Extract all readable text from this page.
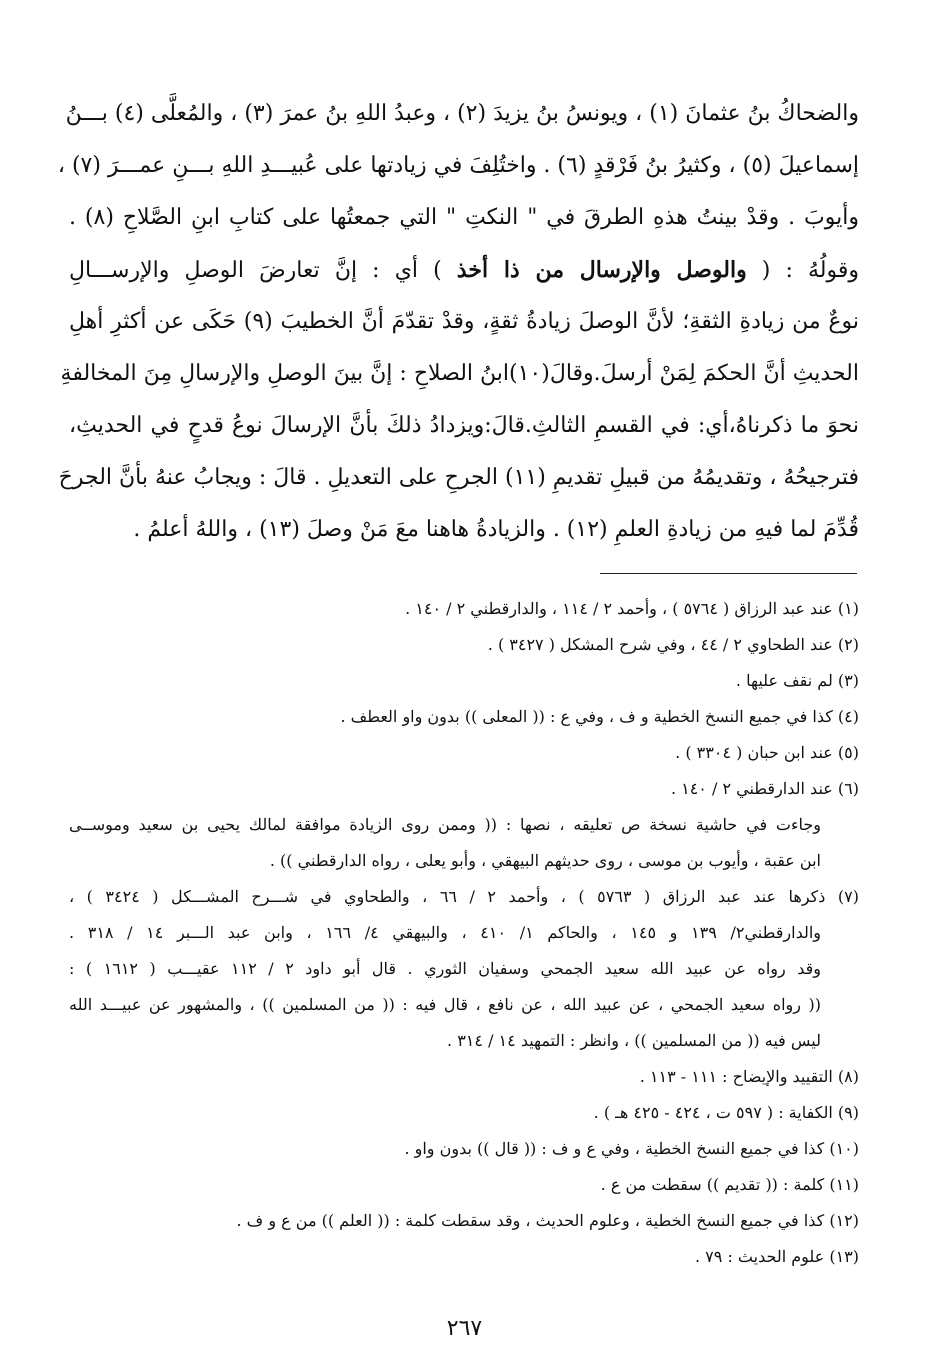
والضحاكُ بنُ عثمانَ (١) ، ويونسُ بنُ يزيدَ (٢) ، وعبدُ اللهِ بنُ عمرَ (٣) ، والمُعلَّى (٤) بـــنُ
إسماعيلَ (٥) ، وكثيرُ بنُ فَرْقدٍ (٦) . واختُلِفَ في زيادتها على عُبيـــدِ اللهِ بـــنِ عمـــرَ (٧) ،
وأيوبَ . وقدْ بينتُ هذهِ الطرقَ في " النكتِ " التي جمعتُها على كتابِ ابنِ الصَّلاحِ (٨) .
وقولُهُ : ( والوصل والإرسال من ذا أخذ ) أي : إنَّ تعارضَ الوصلِ والإرســـالِ
نوعٌ من زيادةِ الثقةِ؛ لأنَّ الوصلَ زيادةُ ثقةٍ، وقدْ تقدّمَ أنَّ الخطيبَ (٩) حَكَى عن أكثرِ أهلِ
الحديثِ أنَّ الحكمَ لِمَنْ أرسلَ.وقالَ(١٠)ابنُ الصلاحِ : إنَّ بينَ الوصلِ والإرسالِ مِنَ المخالفةِ
نحوَ ما ذكرناهُ،أي: في القسمِ الثالثِ.قالَ:ويزدادُ ذلكَ بأنَّ الإرسالَ نوعُ قدحٍ في الحديثِ،
فترجيحُهُ ، وتقديمُهُ من قبيلِ تقديمِ (١١) الجرحِ على التعديلِ . قالَ : ويجابُ عنهُ بأنَّ الجرحَ
قُدِّمَ لما فيهِ من زيادةِ العلمِ (١٢) . والزيادةُ هاهنا معَ مَنْ وصلَ (١٣) ، واللهُ أعلمُ .
(١) عند عبد الرزاق ( ٥٧٦٤ ) ، وأحمد ٢ / ١١٤ ، والدارقطني ٢ / ١٤٠ .
(٢) عند الطحاوي ٢ / ٤٤ ، وفي شرح المشكل ( ٣٤٢٧ ) .
(٣) لم نقف عليها .
(٤) كذا في جميع النسخ الخطية و ف ، وفي ع : (( المعلى )) بدون واو العطف .
(٥) عند ابن حبان ( ٣٣٠٤ ) .
(٦) عند الدارقطني ٢ / ١٤٠ .
وجاءت في حاشية نسخة ص تعليقه ، نصها : (( وممن روى الزيادة موافقة لمالك يحيى بن سعيد وموســى
ابن عقبة ، وأيوب بن موسى ، روى حديثهم البيهقي ، وأبو يعلى ، رواه الدارقطني )) .
(٧) ذكرها عند عبد الرزاق ( ٥٧٦٣ ) ، وأحمد ٢ / ٦٦ ، والطحاوي في شـــرح المشـــكل ( ٣٤٢٤ ) ،
والدارقطني٢/ ١٣٩ و ١٤٥ ، والحاكم ١/ ٤١٠ ، والبيهقي ٤/ ١٦٦ ، وابن عبد الـــبر ١٤ / ٣١٨ .
وقد رواه عن عبيد الله سعيد الجمحي وسفيان الثوري . قال أبو داود ٢ / ١١٢ عقيـــب ( ١٦١٢ ) :
(( رواه سعيد الجمحي ، عن عبيد الله ، عن نافع ، قال فيه : (( من المسلمين )) ، والمشهور عن عبيـــد الله
ليس فيه (( من المسلمين )) ، وانظر : التمهيد ١٤ / ٣١٤ .
(٨) التقييد والإيضاح : ١١١ - ١١٣ .
(٩) الكفاية : ( ٥٩٧ ت ، ٤٢٤ - ٤٢٥ هـ ) .
(١٠) كذا في جميع النسخ الخطية ، وفي ع و ف : (( قال )) بدون واو .
(١١) كلمة : (( تقديم )) سقطت من ع .
(١٢) كذا في جميع النسخ الخطية ، وعلوم الحديث ، وقد سقطت كلمة : (( العلم )) من ع و ف .
(١٣) علوم الحديث : ٧٩ .
٢٦٧
